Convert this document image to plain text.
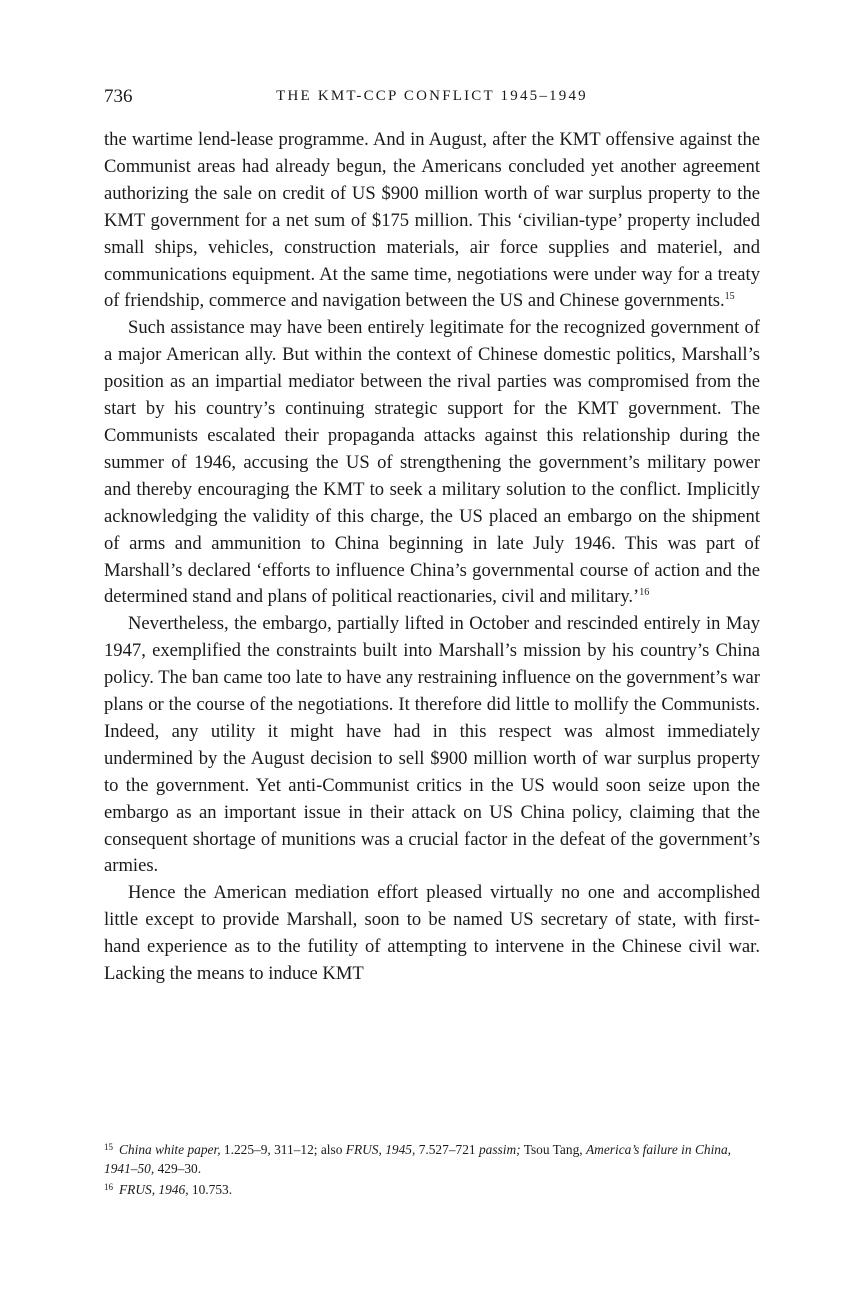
736	THE KMT-CCP CONFLICT 1945–1949

the wartime lend-lease programme. And in August, after the KMT offensive against the Communist areas had already begun, the Americans concluded yet another agreement authorizing the sale on credit of US $900 million worth of war surplus property to the KMT government for a net sum of $175 million. This ‘civilian-type’ property included small ships, vehicles, construction materials, air force supplies and materiel, and communications equipment. At the same time, negotiations were under way for a treaty of friendship, commerce and navigation between the US and Chinese governments.$^{15}$

Such assistance may have been entirely legitimate for the recognized government of a major American ally. But within the context of Chinese domestic politics, Marshall’s position as an impartial mediator between the rival parties was compromised from the start by his country’s continuing strategic support for the KMT government. The Communists escalated their propaganda attacks against this relationship during the summer of 1946, accusing the US of strengthening the government’s military power and thereby encouraging the KMT to seek a military solution to the conflict. Implicitly acknowledging the validity of this charge, the US placed an embargo on the shipment of arms and ammunition to China beginning in late July 1946. This was part of Marshall’s declared ‘efforts to influence China’s governmental course of action and the determined stand and plans of political reactionaries, civil and military.’$^{16}$

Nevertheless, the embargo, partially lifted in October and rescinded entirely in May 1947, exemplified the constraints built into Marshall’s mission by his country’s China policy. The ban came too late to have any restraining influence on the government’s war plans or the course of the negotiations. It therefore did little to mollify the Communists. Indeed, any utility it might have had in this respect was almost immediately undermined by the August decision to sell $900 million worth of war surplus property to the government. Yet anti-Communist critics in the US would soon seize upon the embargo as an important issue in their attack on US China policy, claiming that the consequent shortage of munitions was a crucial factor in the defeat of the government’s armies.

Hence the American mediation effort pleased virtually no one and accomplished little except to provide Marshall, soon to be named US secretary of state, with first-hand experience as to the futility of attempting to intervene in the Chinese civil war. Lacking the means to induce KMT

$^{15}$ China white paper, 1.225–9, 311–12; also FRUS, 1945, 7.527–721 passim; Tsou Tang, America’s failure in China, 1941–50, 429–30.

$^{16}$ FRUS, 1946, 10.753.
